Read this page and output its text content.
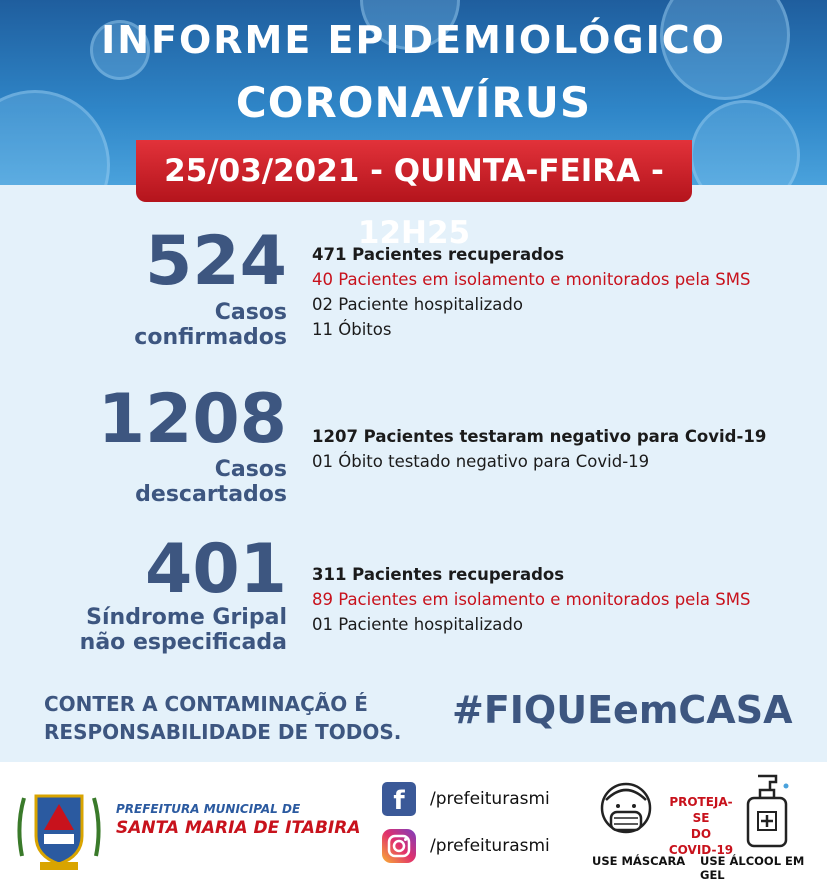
INFORME EPIDEMIOLÓGICO
CORONAVÍRUS
25/03/2021 - QUINTA-FEIRA - 12H25
524
Casos
confirmados
471 Pacientes recuperados
40 Pacientes em isolamento e monitorados pela SMS
02 Paciente hospitalizado
11 Óbitos
1208
Casos
descartados
1207 Pacientes testaram negativo para Covid-19
01 Óbito testado negativo para Covid-19
401
Síndrome Gripal
não especificada
311 Pacientes recuperados
89 Pacientes em isolamento e monitorados pela SMS
01 Paciente hospitalizado
CONTER A CONTAMINAÇÃO É
RESPONSABILIDADE DE TODOS. #FIQUEemCASA
PREFEITURA MUNICIPAL DE
SANTA MARIA DE ITABIRA
f	/prefeiturasmi
/prefeiturasmi
USE MÁSCARA
PROTEJA-SE
DO COVID-19
USE ÁLCOOL EM GEL
